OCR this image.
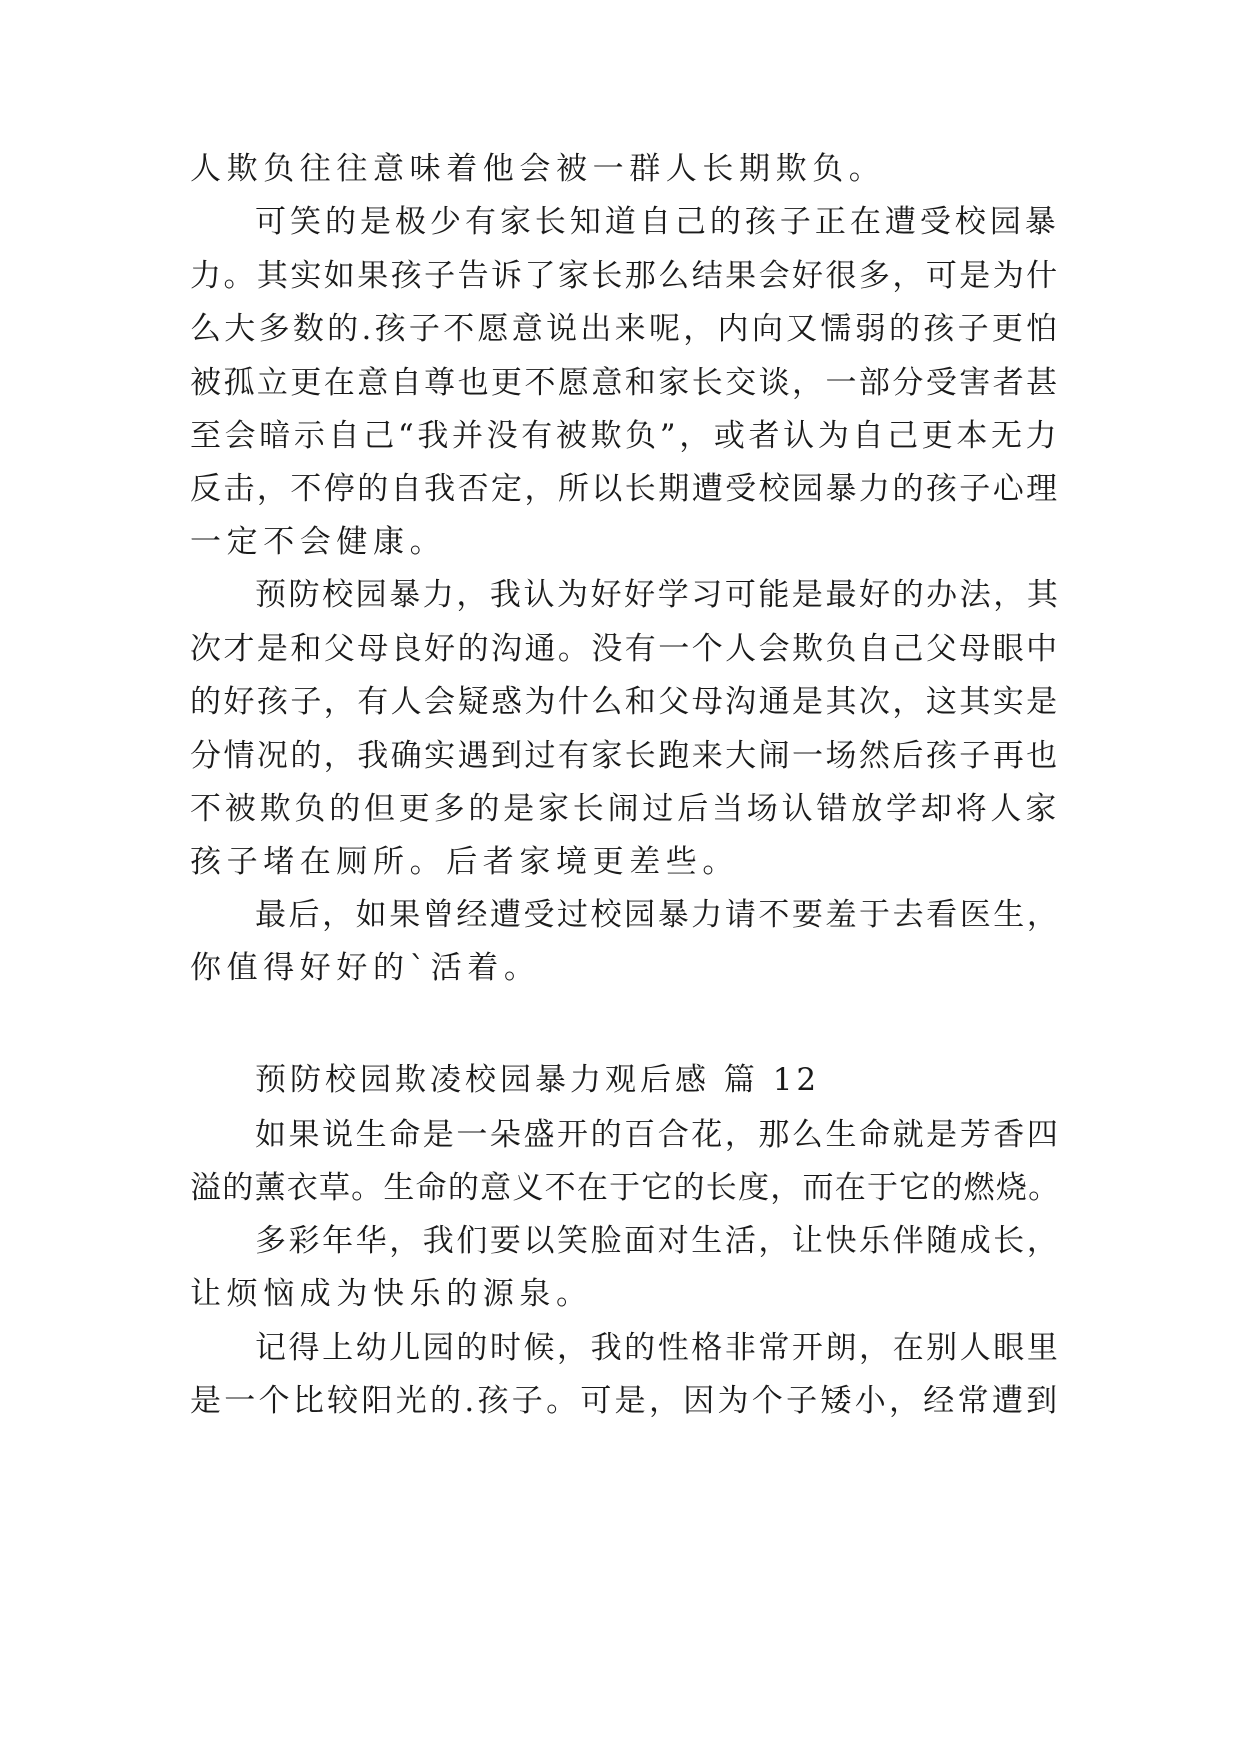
人欺负往往意味着他会被一群人长期欺负。
可笑的是极少有家长知道自己的孩子正在遭受校园暴
力。其实如果孩子告诉了家长那么结果会好很多，可是为什
么大多数的.孩子不愿意说出来呢，内向又懦弱的孩子更怕
被孤立更在意自尊也更不愿意和家长交谈，一部分受害者甚
至会暗示自己“我并没有被欺负”，或者认为自己更本无力
反击，不停的自我否定，所以长期遭受校园暴力的孩子心理
一定不会健康。
预防校园暴力，我认为好好学习可能是最好的办法，其
次才是和父母良好的沟通。没有一个人会欺负自己父母眼中
的好孩子，有人会疑惑为什么和父母沟通是其次，这其实是
分情况的，我确实遇到过有家长跑来大闹一场然后孩子再也
不被欺负的但更多的是家长闹过后当场认错放学却将人家
孩子堵在厕所。后者家境更差些。
最后，如果曾经遭受过校园暴力请不要羞于去看医生，
你值得好好的`活着。
预防校园欺凌校园暴力观后感 篇 12
如果说生命是一朵盛开的百合花，那么生命就是芳香四
溢的薰衣草。生命的意义不在于它的长度，而在于它的燃烧。
多彩年华，我们要以笑脸面对生活，让快乐伴随成长，
让烦恼成为快乐的源泉。
记得上幼儿园的时候，我的性格非常开朗，在别人眼里
是一个比较阳光的.孩子。可是，因为个子矮小，经常遭到
